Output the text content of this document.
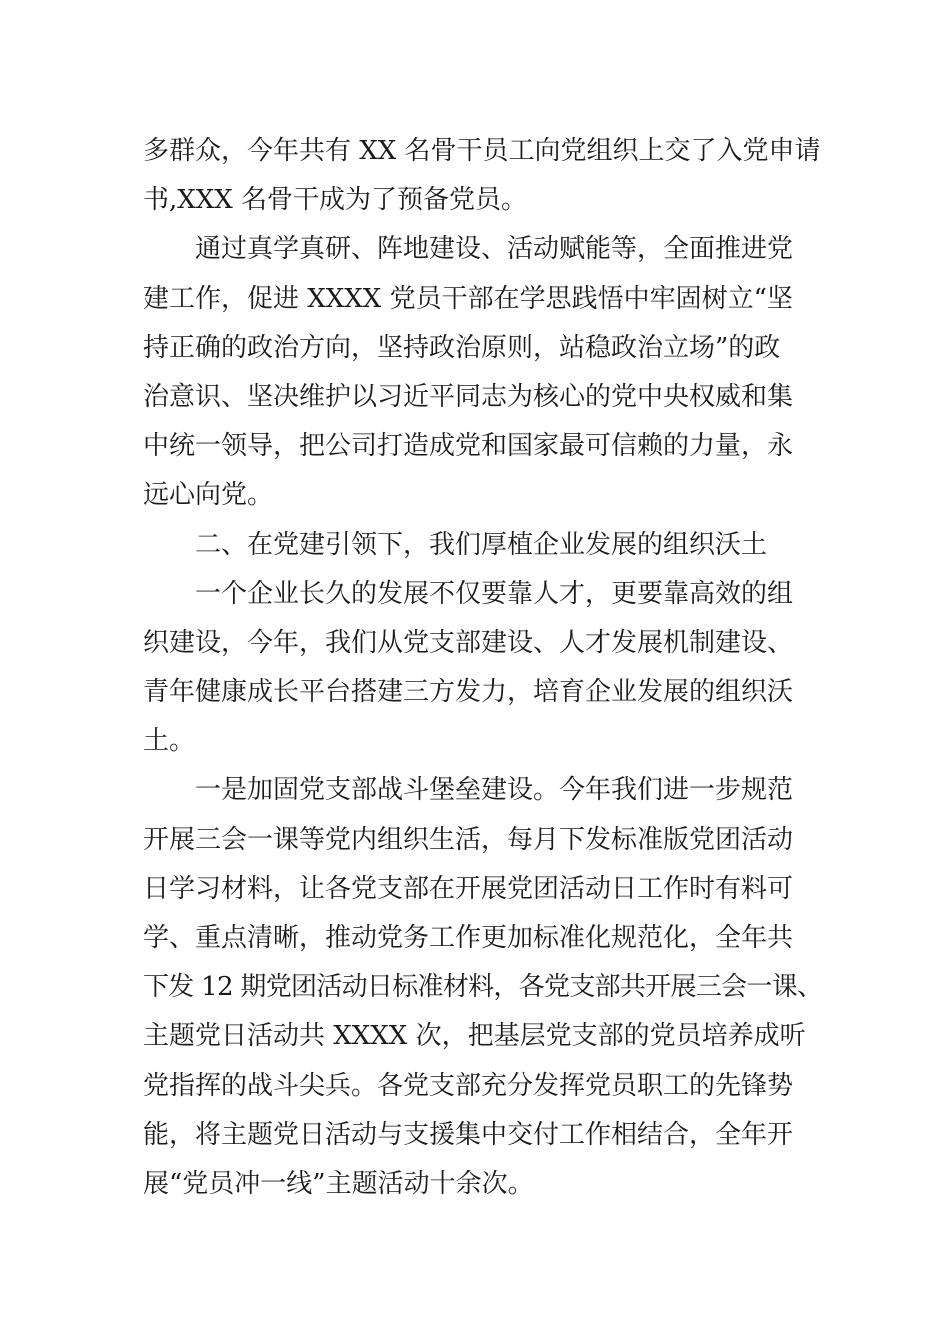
多群众，今年共有 XX 名骨干员工向党组织上交了入党申请
书,XXX 名骨干成为了预备党员。

通过真学真研、阵地建设、活动赋能等，全面推进党
建工作，促进 XXXX 党员干部在学思践悟中牢固树立“坚
持正确的政治方向，坚持政治原则，站稳政治立场”的政
治意识、坚决维护以习近平同志为核心的党中央权威和集
中统一领导，把公司打造成党和国家最可信赖的力量，永
远心向党。

二、在党建引领下，我们厚植企业发展的组织沃土

一个企业长久的发展不仅要靠人才，更要靠高效的组
织建设，今年，我们从党支部建设、人才发展机制建设、
青年健康成长平台搭建三方发力，培育企业发展的组织沃
土。

一是加固党支部战斗堡垒建设。今年我们进一步规范
开展三会一课等党内组织生活，每月下发标准版党团活动
日学习材料，让各党支部在开展党团活动日工作时有料可
学、重点清晰，推动党务工作更加标准化规范化，全年共
下发 12 期党团活动日标准材料，各党支部共开展三会一课、
主题党日活动共 XXXX 次，把基层党支部的党员培养成听
党指挥的战斗尖兵。各党支部充分发挥党员职工的先锋势
能，将主题党日活动与支援集中交付工作相结合，全年开
展“党员冲一线”主题活动十余次。
